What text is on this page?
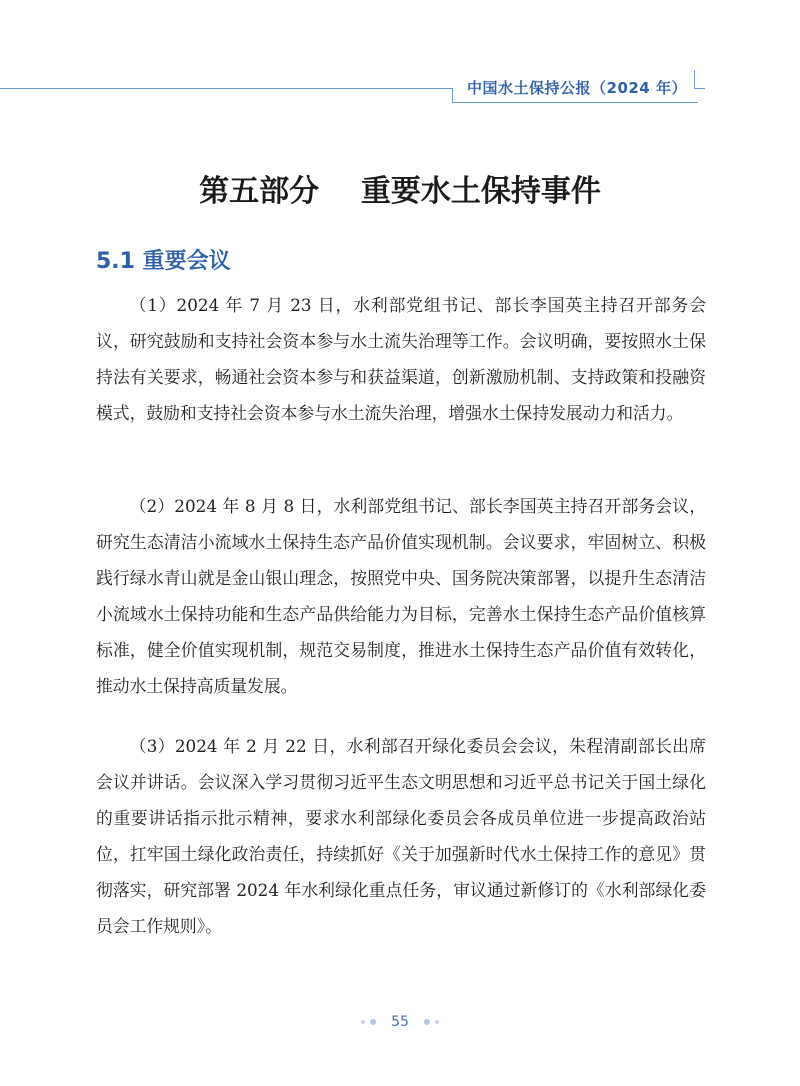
中国水土保持公报（2024 年）
第五部分    重要水土保持事件
5.1 重要会议

（1）2024 年 7 月 23 日，水利部党组书记、部长李国英主持召开部务会议，研究鼓励和支持社会资本参与水土流失治理等工作。会议明确，要按照水土保持法有关要求，畅通社会资本参与和获益渠道，创新激励机制、支持政策和投融资模式，鼓励和支持社会资本参与水土流失治理，增强水土保持发展动力和活力。

（2）2024 年 8 月 8 日，水利部党组书记、部长李国英主持召开部务会议，研究生态清洁小流域水土保持生态产品价值实现机制。会议要求，牢固树立、积极践行绿水青山就是金山银山理念，按照党中央、国务院决策部署，以提升生态清洁小流域水土保持功能和生态产品供给能力为目标，完善水土保持生态产品价值核算标准，健全价值实现机制，规范交易制度，推进水土保持生态产品价值有效转化，推动水土保持高质量发展。

（3）2024 年 2 月 22 日，水利部召开绿化委员会会议，朱程清副部长出席会议并讲话。会议深入学习贯彻习近平生态文明思想和习近平总书记关于国土绿化的重要讲话指示批示精神，要求水利部绿化委员会各成员单位进一步提高政治站位，扛牢国土绿化政治责任，持续抓好《关于加强新时代水土保持工作的意见》贯彻落实，研究部署 2024 年水利绿化重点任务，审议通过新修订的《水利部绿化委员会工作规则》。

55
